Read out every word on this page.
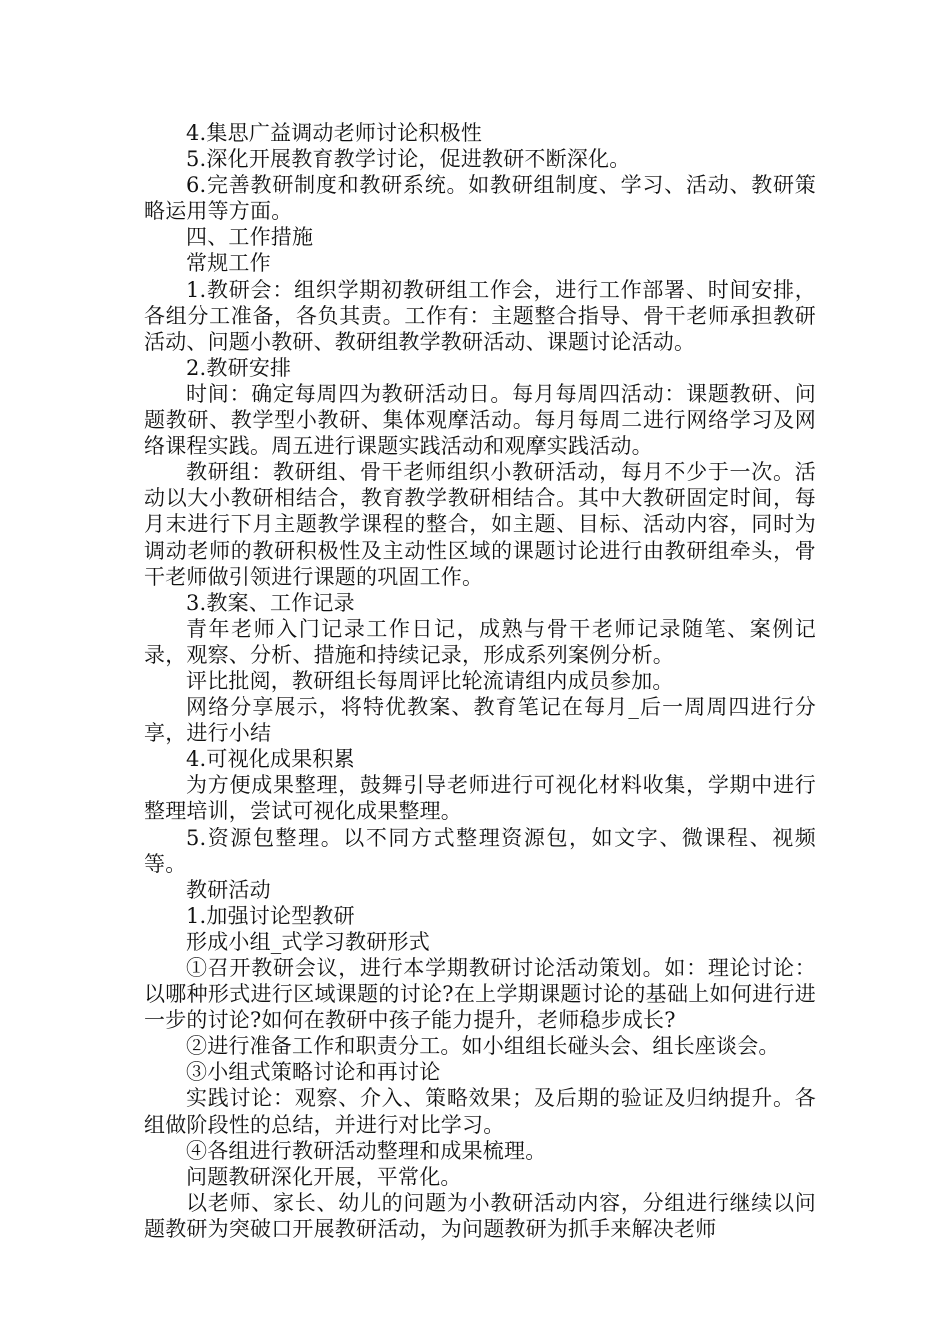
4.集思广益调动老师讨论积极性

5.深化开展教育教学讨论，促进教研不断深化。

6.完善教研制度和教研系统。如教研组制度、学习、活动、教研策略运用等方面。

四、工作措施

常规工作

1.教研会：组织学期初教研组工作会，进行工作部署、时间安排，各组分工准备，各负其责。工作有：主题整合指导、骨干老师承担教研活动、问题小教研、教研组教学教研活动、课题讨论活动。

2.教研安排

时间：确定每周四为教研活动日。每月每周四活动：课题教研、问题教研、教学型小教研、集体观摩活动。每月每周二进行网络学习及网络课程实践。周五进行课题实践活动和观摩实践活动。

教研组：教研组、骨干老师组织小教研活动，每月不少于一次。活动以大小教研相结合，教育教学教研相结合。其中大教研固定时间，每月末进行下月主题教学课程的整合，如主题、目标、活动内容，同时为调动老师的教研积极性及主动性区域的课题讨论进行由教研组牵头，骨干老师做引领进行课题的巩固工作。

3.教案、工作记录

青年老师入门记录工作日记，成熟与骨干老师记录随笔、案例记录，观察、分析、措施和持续记录，形成系列案例分析。

评比批阅，教研组长每周评比轮流请组内成员参加。

网络分享展示，将特优教案、教育笔记在每月_后一周周四进行分享，进行小结

4.可视化成果积累

为方便成果整理，鼓舞引导老师进行可视化材料收集，学期中进行整理培训，尝试可视化成果整理。

5.资源包整理。以不同方式整理资源包，如文字、微课程、视频等。

教研活动

1.加强讨论型教研

形成小组_式学习教研形式

①召开教研会议，进行本学期教研讨论活动策划。如：理论讨论：以哪种形式进行区域课题的讨论?在上学期课题讨论的基础上如何进行进一步的讨论?如何在教研中孩子能力提升，老师稳步成长?

②进行准备工作和职责分工。如小组组长碰头会、组长座谈会。

③小组式策略讨论和再讨论

实践讨论：观察、介入、策略效果；及后期的验证及归纳提升。各组做阶段性的总结，并进行对比学习。

④各组进行教研活动整理和成果梳理。

问题教研深化开展，平常化。

以老师、家长、幼儿的问题为小教研活动内容，分组进行继续以问题教研为突破口开展教研活动，为问题教研为抓手来解决老师
